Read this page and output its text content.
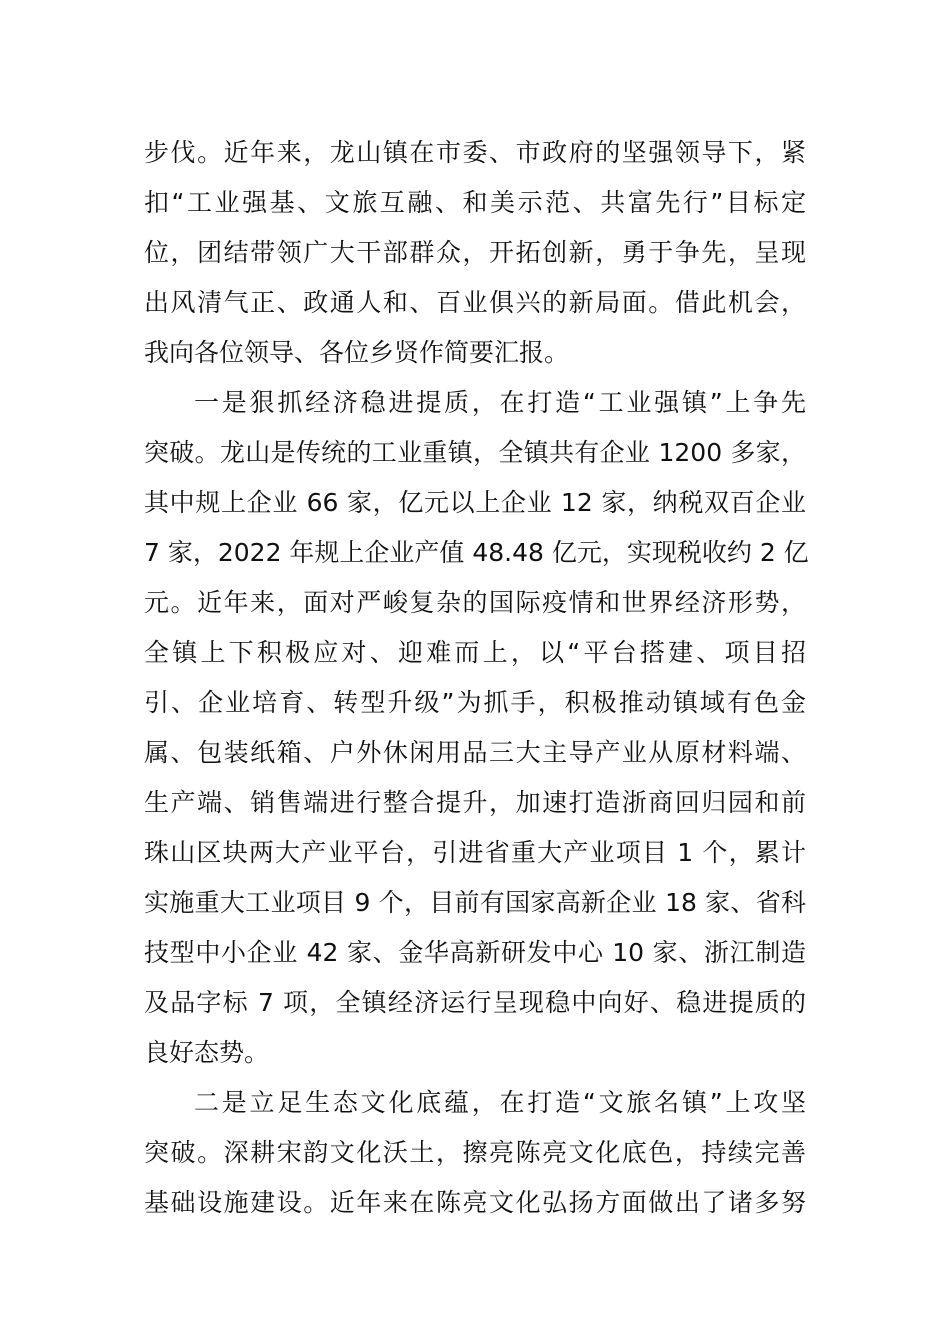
步伐。近年来，龙山镇在市委、市政府的坚强领导下，紧
扣“工业强基、文旅互融、和美示范、共富先行”目标定
位，团结带领广大干部群众，开拓创新，勇于争先，呈现
出风清气正、政通人和、百业俱兴的新局面。借此机会，
我向各位领导、各位乡贤作简要汇报。
一是狠抓经济稳进提质，在打造“工业强镇”上争先
突破。龙山是传统的工业重镇，全镇共有企业 1200 多家，
其中规上企业 66 家，亿元以上企业 12 家，纳税双百企业
7 家，2022 年规上企业产值 48.48 亿元，实现税收约 2 亿
元。近年来，面对严峻复杂的国际疫情和世界经济形势，
全镇上下积极应对、迎难而上，以“平台搭建、项目招
引、企业培育、转型升级”为抓手，积极推动镇域有色金
属、包装纸箱、户外休闲用品三大主导产业从原材料端、
生产端、销售端进行整合提升，加速打造浙商回归园和前
珠山区块两大产业平台，引进省重大产业项目 1 个，累计
实施重大工业项目 9 个，目前有国家高新企业 18 家、省科
技型中小企业 42 家、金华高新研发中心 10 家、浙江制造
及品字标 7 项，全镇经济运行呈现稳中向好、稳进提质的
良好态势。
二是立足生态文化底蕴，在打造“文旅名镇”上攻坚
突破。深耕宋韵文化沃土，擦亮陈亮文化底色，持续完善
基础设施建设。近年来在陈亮文化弘扬方面做出了诸多努
